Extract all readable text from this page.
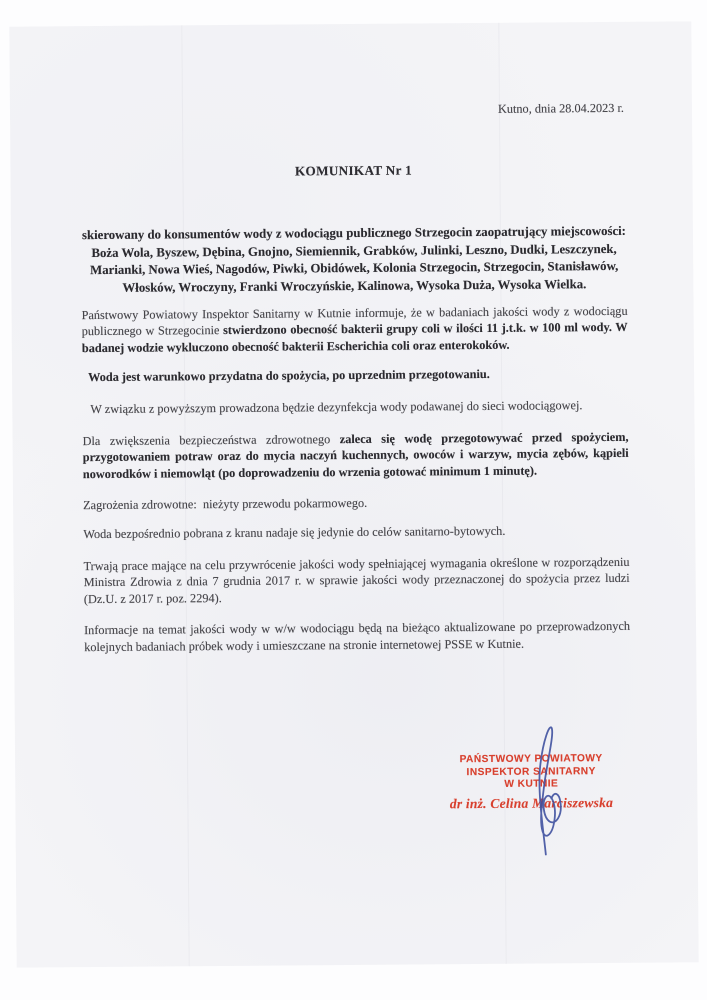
Kutno, dnia 28.04.2023 r.
KOMUNIKAT Nr 1

skierowany do konsumentów wody z wodociągu publicznego Strzegocin zaopatrujący miejscowości: Boża Wola, Byszew, Dębina, Gnojno, Siemiennik, Grabków, Julinki, Leszno, Dudki, Leszczynek, Marianki, Nowa Wieś, Nagodów, Piwki, Obidówek, Kolonia Strzegocin, Strzegocin, Stanisławów, Włosków, Wroczyny, Franki Wroczyńskie, Kalinowa, Wysoka Duża, Wysoka Wielka.

Państwowy Powiatowy Inspektor Sanitarny w Kutnie informuje, że w badaniach jakości wody z wodociągu publicznego w Strzegocinie stwierdzono obecność bakterii grupy coli w ilości 11 j.t.k. w 100 ml wody. W badanej wodzie wykluczono obecność bakterii Escherichia coli oraz enterokoków.

Woda jest warunkowo przydatna do spożycia, po uprzednim przegotowaniu.

W związku z powyższym prowadzona będzie dezynfekcja wody podawanej do sieci wodociągowej.

Dla zwiększenia bezpieczeństwa zdrowotnego zaleca się wodę przegotowywać przed spożyciem, przygotowaniem potraw oraz do mycia naczyń kuchennych, owoców i warzyw, mycia zębów, kąpieli noworodków i niemowląt (po doprowadzeniu do wrzenia gotować minimum 1 minutę).

Zagrożenia zdrowotne:  nieżyty przewodu pokarmowego.

Woda bezpośrednio pobrana z kranu nadaje się jedynie do celów sanitarno-bytowych.

Trwają prace mające na celu przywrócenie jakości wody spełniającej wymagania określone w rozporządzeniu Ministra Zdrowia z dnia 7 grudnia 2017 r. w sprawie jakości wody przeznaczonej do spożycia przez ludzi (Dz.U. z 2017 r. poz. 2294).

Informacje na temat jakości wody w w/w wodociągu będą na bieżąco aktualizowane po przeprowadzonych kolejnych badaniach próbek wody i umieszczane na stronie internetowej PSSE w Kutnie.

PAŃSTWOWY POWIATOWY
INSPEKTOR SANITARNY
W KUTNIE
dr inż. Celina Marciszewska
